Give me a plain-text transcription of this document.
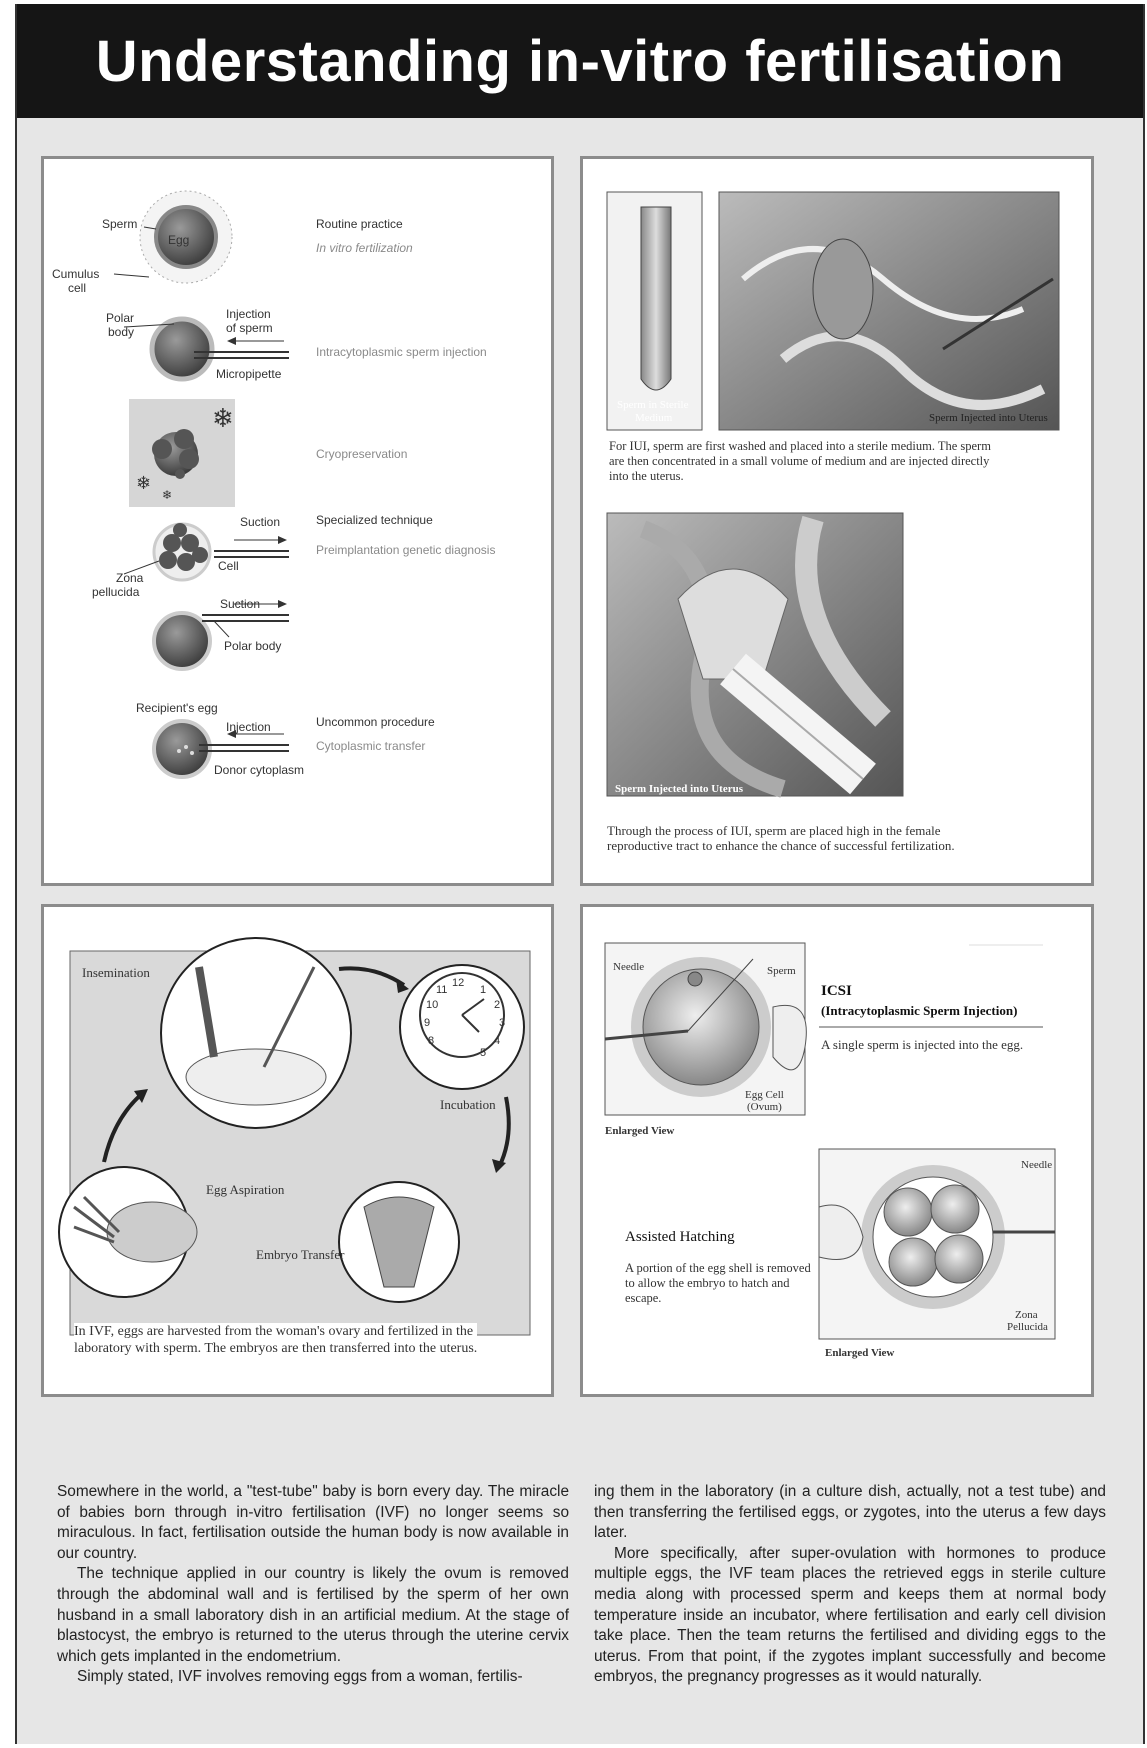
Understanding in-vitro fertilisation
❄
❄
❄
Sperm
Egg
Cumulus
cell
Routine practice
In vitro fertilization
Polar
body
Injection
of sperm
Intracytoplasmic sperm injection
Micropipette
Cryopreservation
Suction	Specialized technique
Preimplantation genetic diagnosis
Cell
Zona
pellucida
Suction
Polar body
Recipient's egg
Injection	Uncommon procedure
Cytoplasmic transfer
Donor cytoplasm
Sperm in Sterile
Medium	Sperm Injected into Uterus
For IUI, sperm are first washed and placed into a sterile medium. The sperm
are then concentrated in a small volume of medium and are injected directly
into the uterus.
Sperm Injected into Uterus
Through the process of IUI, sperm are placed high in the female
reproductive tract to enhance the chance of successful fertilization.
Insemination
12
1
2
3
4
5
8
9
10
11
Incubation
Egg Aspiration
Embryo Transfer
In IVF, eggs are harvested from the woman's ovary and fertilized in the
laboratory with sperm. The embryos are then transferred into the uterus.
Needle	Sperm
Egg Cell
(Ovum)
Enlarged View
ICSI
(Intracytoplasmic Sperm Injection)
A single sperm is injected into the egg.
Needle
Assisted Hatching
A portion of the egg shell is removed
to allow the embryo to hatch and
escape.
Zona
Pellucida
Enlarged View

Somewhere in the world, a "test-tube" baby is born every day. The miracle of babies born through in-vitro fertilisation (IVF) no longer seems so miraculous. In fact, fertilisation outside the human body is now available in our country.

The technique applied in our country is likely the ovum is removed through the abdominal wall and is fertilised by the sperm of her own husband in a small laboratory dish in an artificial medium. At the stage of blastocyst, the embryo is returned to the uterus through the uterine cervix which gets implanted in the endometrium.

Simply stated, IVF involves removing eggs from a woman, fertilis-

ing them in the laboratory (in a culture dish, actually, not a test tube) and then transferring the fertilised eggs, or zygotes, into the uterus a few days later.

More specifically, after super-ovulation with hormones to produce multiple eggs, the IVF team places the retrieved eggs in sterile culture media along with processed sperm and keeps them at normal body temperature inside an incubator, where fertilisation and early cell division take place. Then the team returns the fertilised and dividing eggs to the uterus. From that point, if the zygotes implant successfully and become embryos, the pregnancy progresses as it would naturally.
